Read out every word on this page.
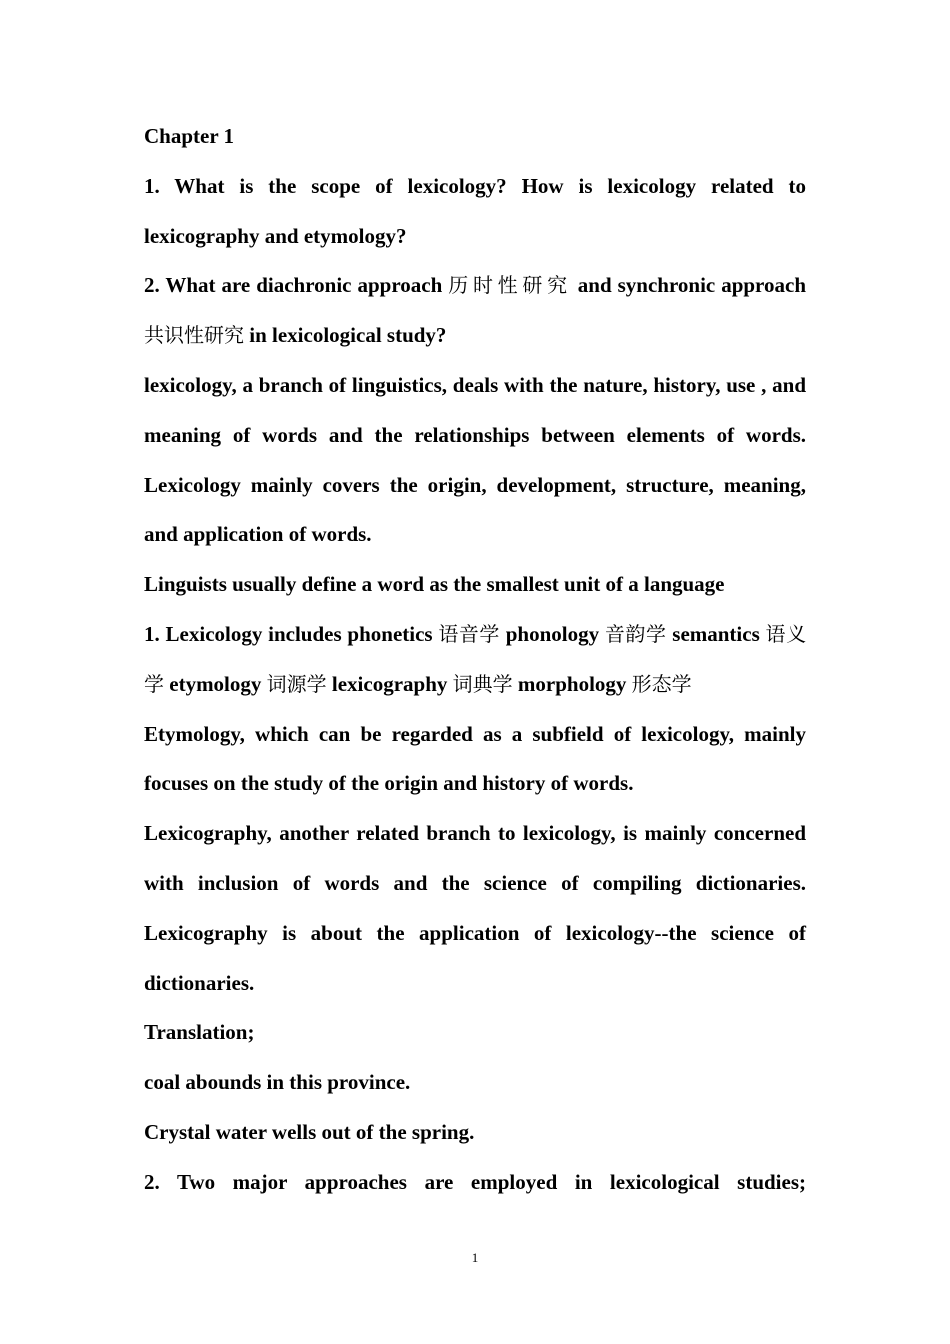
Chapter 1

1. What is the scope of lexicology? How is lexicology related to lexicography and etymology?

2. What are diachronic approach 历时性研究 and synchronic approach 共识性研究 in lexicological study?

lexicology, a branch of linguistics, deals with the nature, history, use , and meaning of words and the relationships between elements of words. Lexicology mainly covers the origin, development, structure, meaning, and application of words.

Linguists usually define a word as the smallest unit of a language

1. Lexicology includes phonetics 语音学 phonology 音韵学 semantics 语义学 etymology 词源学 lexicography 词典学 morphology 形态学

Etymology, which can be regarded as a subfield of lexicology, mainly focuses on the study of the origin and history of words.

Lexicography, another related branch to lexicology, is mainly concerned with inclusion of words and the science of compiling dictionaries. Lexicography is about the application of lexicology--the science of dictionaries.

Translation;

coal abounds in this province.

Crystal water wells out of the spring.

2. Two major approaches are employed in lexicological studies;

1
